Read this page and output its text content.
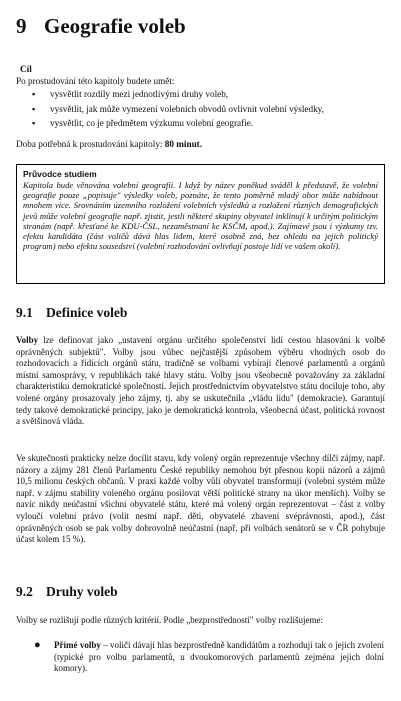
9 Geografie voleb
Cíl
Po prostudování této kapitoly budete umět:
▪ vysvětlit rozdíly mezi jednotlivými druhy voleb,
▪ vysvětlit, jak může vymezení volebních obvodů ovlivnit volební výsledky,
▪ vysvětlit, co je předmětem výzkumu volební geografie.
Doba potřebná k prostudování kapitoly: 80 minut.
Průvodce studiem
Kapitola bude věnována volební geografii. I když by název poněkud sváděl k představě, že volební geografie pouze „popisuje" výsledky voleb, poznáte, že tento poměrně mladý obor může nabídnout mnohem více. Srovnáním územního rozložení volebních výsledků a rozložení různých demografických jevů může volební geografie např. zjistit, jestli některé skupiny obyvatel inklinují k určitým politickým stranám (např. křesťané ke KDU-ČSL, nezaměstnaní ke KSČM, apod.). Zajímavé jsou i výzkumy tzv. efektu kandidáta (část voličů dává hlas lidem, které osobně zná, bez ohledu na jejich politický program) nebo efektu sousedství (volební rozhodování ovlivňují postoje lidí ve vašem okolí).
9.1 Definice voleb
Volby lze definovat jako „ustavení orgánu určitého společenství lidí cestou hlasování k volbě oprávněných subjektů". Volby jsou vůbec nejčastější způsobem výběru vhodných osob do rozhodovacích a řídících orgánů státu, tradičně se volbami vybírají členové parlamentů a orgánů místní samosprávy, v republikách také hlavy státu. Volby jsou všeobecně považovány za základní charakteristiku demokratické společnosti. Jejich prostřednictvím obyvatelstvo státu dociluje toho, aby volené orgány prosazovaly jeho zájmy, tj. aby se uskutečnila „vládu lidu" (demokracie). Garantují tedy takové demokratické principy, jako je demokratická kontrola, všeobecná účast, politická rovnost a světšinová vláda.
Ve skutečnosti prakticky nelze docílit stavu, kdy volený orgán reprezentuje všechny dílčí zájmy, např. názory a zájmy 281 členů Parlamentu České republiky nemohou být přesnou kopií názorů a zájmů 10,5 milionu českých občanů. V praxi každé volby vůli obyvatel transformují (volební systém může např. v zájmu stability voleného orgánu posilovat větší politické strany na úkor menších). Volby se navíc nikdy neúčastní všichni obyvatelé státu, které má volený orgán reprezentovat – část z volby vyloučí volební právo (volit nesmí např. děti, obyvatelé zbavení svéprávnosti, apod.), část oprávněných osob se pak volby dobrovolně neúčastní (např. při volbách senátorů se v ČR pohybuje účast kolem 15 %).
9.2 Druhy voleb
Volby se rozlišují podle různých kritérií. Podle „bezprostřednosti" volby rozlišujeme:
● Přímé volby – voliči dávají hlas bezprostředně kandidátům a rozhodují tak o jejich zvolení (typické pro volbu parlamentů, u dvoukomorových parlamentů zejména jejich dolní komory).
